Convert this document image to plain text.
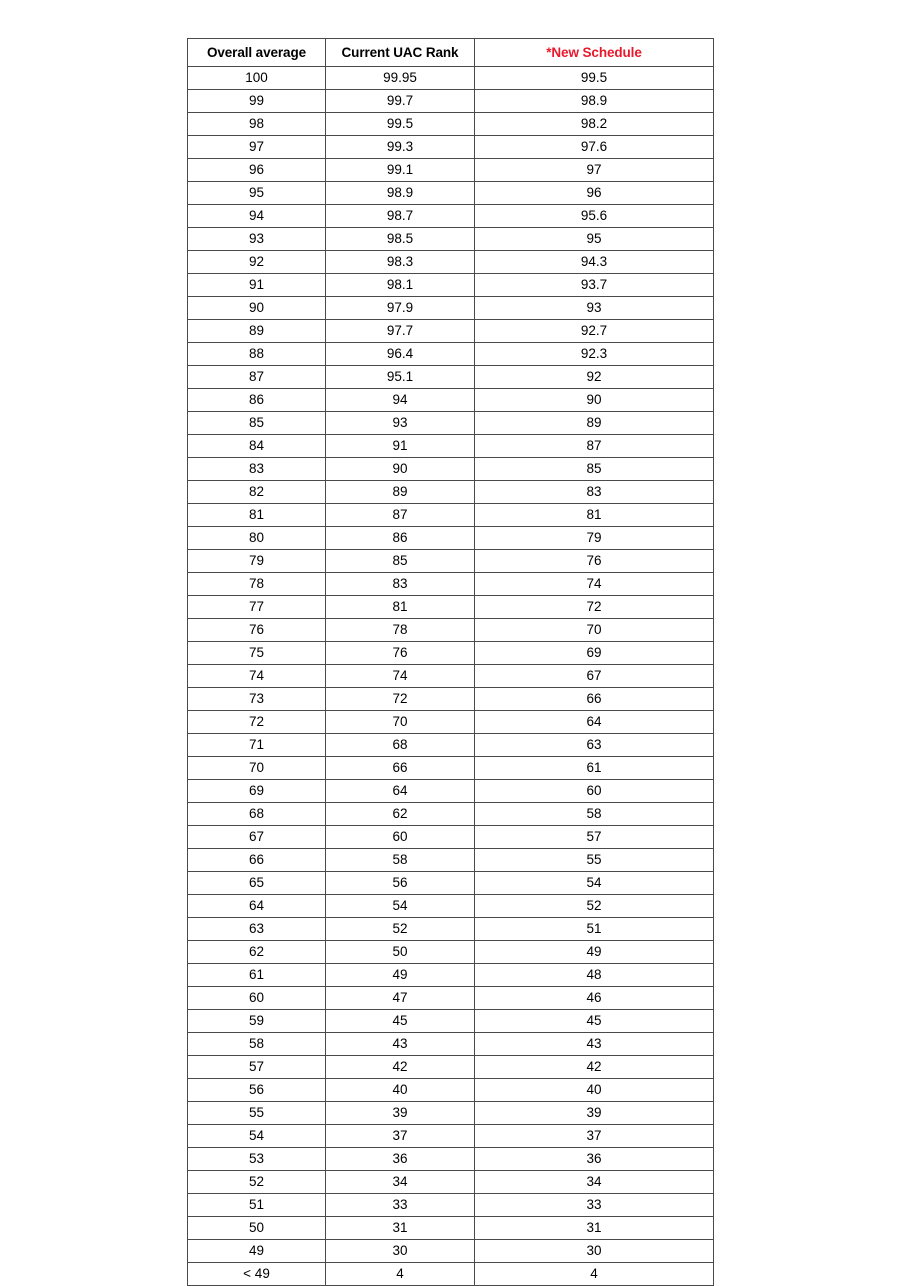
Overall average	Current UAC Rank	*New Schedule
100	99.95	99.5
99	99.7	98.9
98	99.5	98.2
97	99.3	97.6
96	99.1	97
95	98.9	96
94	98.7	95.6
93	98.5	95
92	98.3	94.3
91	98.1	93.7
90	97.9	93
89	97.7	92.7
88	96.4	92.3
87	95.1	92
86	94	90
85	93	89
84	91	87
83	90	85
82	89	83
81	87	81
80	86	79
79	85	76
78	83	74
77	81	72
76	78	70
75	76	69
74	74	67
73	72	66
72	70	64
71	68	63
70	66	61
69	64	60
68	62	58
67	60	57
66	58	55
65	56	54
64	54	52
63	52	51
62	50	49
61	49	48
60	47	46
59	45	45
58	43	43
57	42	42
56	40	40
55	39	39
54	37	37
53	36	36
52	34	34
51	33	33
50	31	31
49	30	30
< 49	4	4
